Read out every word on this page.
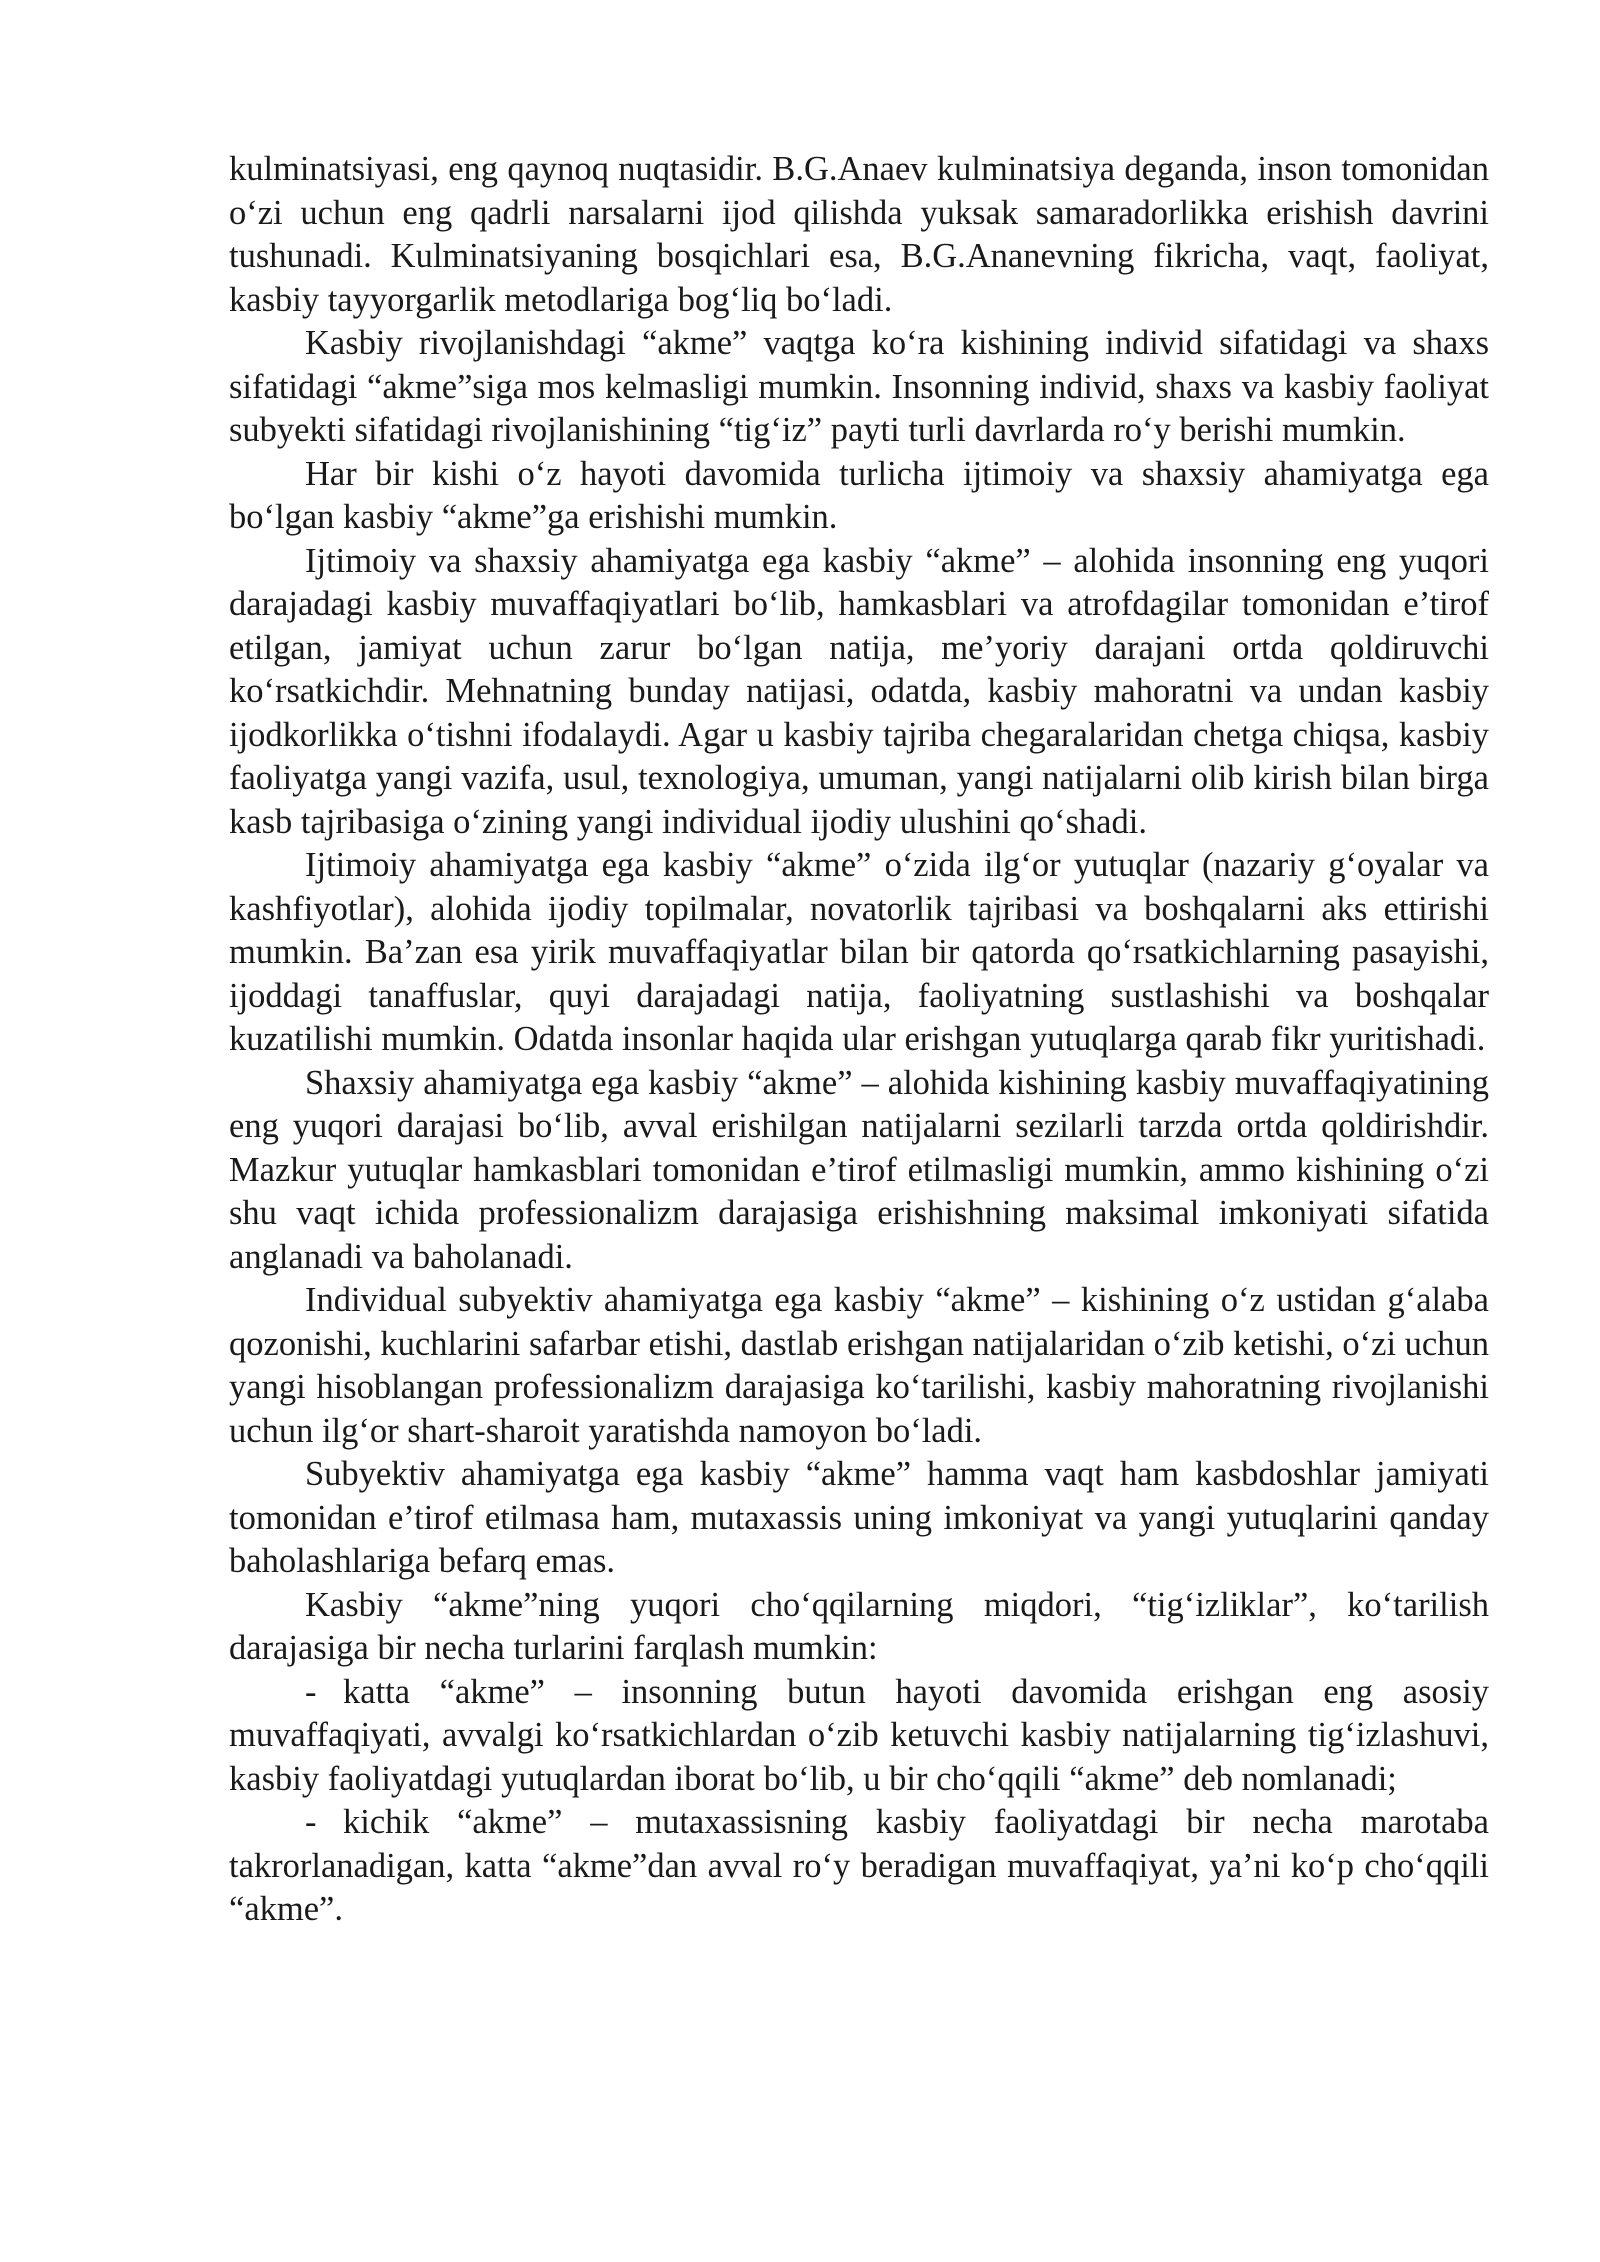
kulminatsiyasi, eng qaynoq nuqtasidir. B.G.Anaev kulminatsiya deganda, inson tomonidan o‘zi uchun eng qadrli narsalarni ijod qilishda yuksak samaradorlikka erishish davrini tushunadi. Kulminatsiyaning bosqichlari esa, B.G.Ananevning fikricha, vaqt, faoliyat, kasbiy tayyorgarlik metodlariga bog‘liq bo‘ladi.

Kasbiy rivojlanishdagi “akme” vaqtga ko‘ra kishining individ sifatidagi va shaxs sifatidagi “akme”siga mos kelmasligi mumkin. Insonning individ, shaxs va kasbiy faoliyat subyekti sifatidagi rivojlanishining “tig‘iz” payti turli davrlarda ro‘y berishi mumkin.

Har bir kishi o‘z hayoti davomida turlicha ijtimoiy va shaxsiy ahamiyatga ega bo‘lgan kasbiy “akme”ga erishishi mumkin.

Ijtimoiy va shaxsiy ahamiyatga ega kasbiy “akme” – alohida insonning eng yuqori darajadagi kasbiy muvaffaqiyatlari bo‘lib, hamkasblari va atrofdagilar tomonidan e’tirof etilgan, jamiyat uchun zarur bo‘lgan natija, me’yoriy darajani ortda qoldiruvchi ko‘rsatkichdir. Mehnatning bunday natijasi, odatda, kasbiy mahoratni va undan kasbiy ijodkorlikka o‘tishni ifodalaydi. Agar u kasbiy tajriba chegaralaridan chetga chiqsa, kasbiy faoliyatga yangi vazifa, usul, texnologiya, umuman, yangi natijalarni olib kirish bilan birga kasb tajribasiga o‘zining yangi individual ijodiy ulushini qo‘shadi.

Ijtimoiy ahamiyatga ega kasbiy “akme” o‘zida ilg‘or yutuqlar (nazariy g‘oyalar va kashfiyotlar), alohida ijodiy topilmalar, novatorlik tajribasi va boshqalarni aks ettirishi mumkin. Ba’zan esa yirik muvaffaqiyatlar bilan bir qatorda qo‘rsatkichlarning pasayishi, ijoddagi tanaffuslar, quyi darajadagi natija, faoliyatning sustlashishi va boshqalar kuzatilishi mumkin. Odatda insonlar haqida ular erishgan yutuqlarga qarab fikr yuritishadi.

Shaxsiy ahamiyatga ega kasbiy “akme” – alohida kishining kasbiy muvaffaqiyatining eng yuqori darajasi bo‘lib, avval erishilgan natijalarni sezilarli tarzda ortda qoldirishdir. Mazkur yutuqlar hamkasblari tomonidan e’tirof etilmasligi mumkin, ammo kishining o‘zi shu vaqt ichida professionalizm darajasiga erishishning maksimal imkoniyati sifatida anglanadi va baholanadi.

Individual subyektiv ahamiyatga ega kasbiy “akme” – kishining o‘z ustidan g‘alaba qozonishi, kuchlarini safarbar etishi, dastlab erishgan natijalaridan o‘zib ketishi, o‘zi uchun yangi hisoblangan professionalizm darajasiga ko‘tarilishi, kasbiy mahoratning rivojlanishi uchun ilg‘or shart-sharoit yaratishda namoyon bo‘ladi.

Subyektiv ahamiyatga ega kasbiy “akme” hamma vaqt ham kasbdoshlar jamiyati tomonidan e’tirof etilmasa ham, mutaxassis uning imkoniyat va yangi yutuqlarini qanday baholashlariga befarq emas.

Kasbiy “akme”ning yuqori cho‘qqilarning miqdori, “tig‘izliklar”, ko‘tarilish darajasiga bir necha turlarini farqlash mumkin:

- katta “akme” – insonning butun hayoti davomida erishgan eng asosiy muvaffaqiyati, avvalgi ko‘rsatkichlardan o‘zib ketuvchi kasbiy natijalarning tig‘izlashuvi, kasbiy faoliyatdagi yutuqlardan iborat bo‘lib, u bir cho‘qqili “akme” deb nomlanadi;

- kichik “akme” – mutaxassisning kasbiy faoliyatdagi bir necha marotaba takrorlanadigan, katta “akme”dan avval ro‘y beradigan muvaffaqiyat, ya’ni ko‘p cho‘qqili “akme”.
